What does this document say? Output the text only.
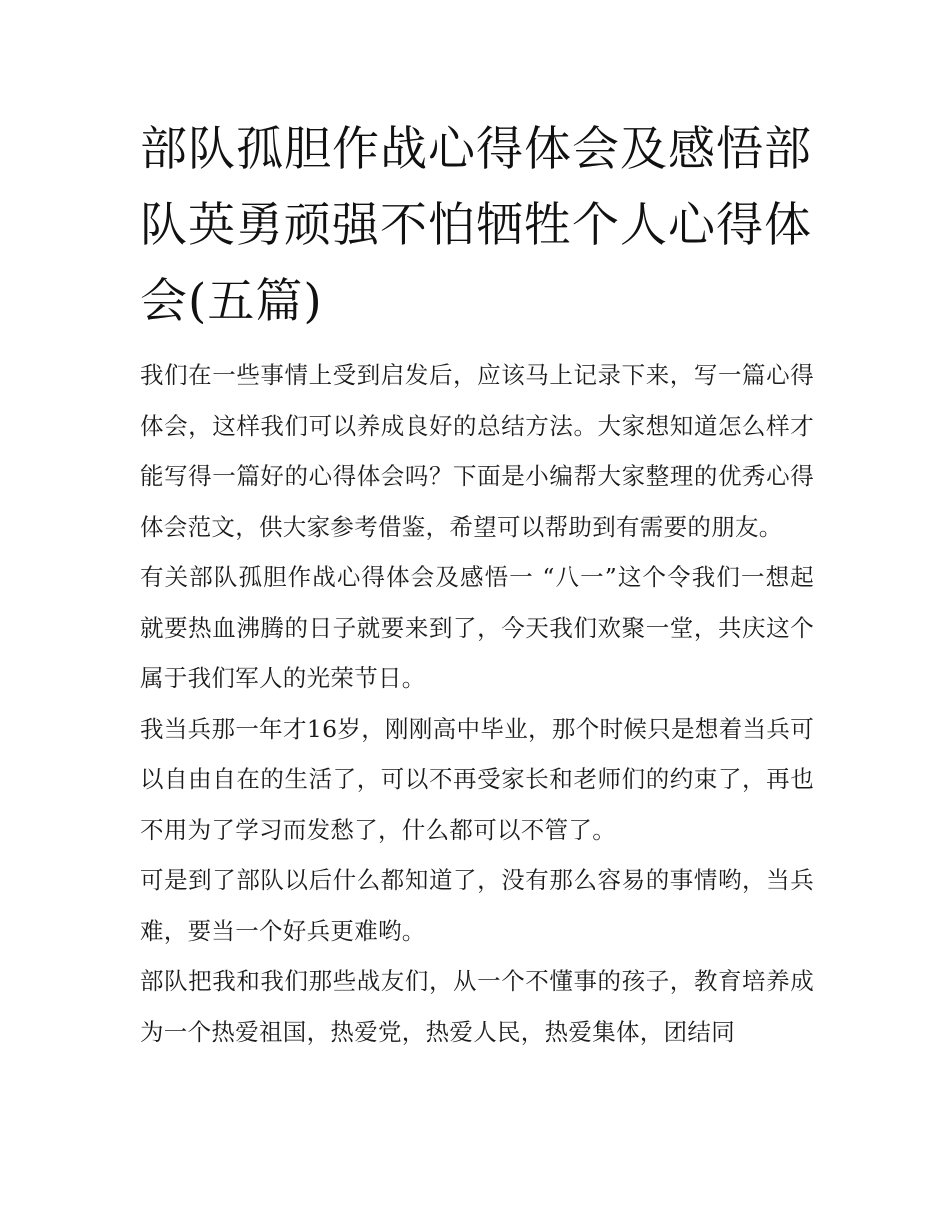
部队孤胆作战心得体会及感悟部队英勇顽强不怕牺牲个人心得体会(五篇)

我们在一些事情上受到启发后，应该马上记录下来，写一篇心得体会，这样我们可以养成良好的总结方法。大家想知道怎么样才能写得一篇好的心得体会吗？下面是小编帮大家整理的优秀心得体会范文，供大家参考借鉴，希望可以帮助到有需要的朋友。

有关部队孤胆作战心得体会及感悟一 “八一”这个令我们一想起就要热血沸腾的日子就要来到了，今天我们欢聚一堂，共庆这个属于我们军人的光荣节日。

我当兵那一年才16岁，刚刚高中毕业，那个时候只是想着当兵可以自由自在的生活了，可以不再受家长和老师们的约束了，再也不用为了学习而发愁了，什么都可以不管了。

可是到了部队以后什么都知道了，没有那么容易的事情哟，当兵难，要当一个好兵更难哟。

部队把我和我们那些战友们，从一个不懂事的孩子，教育培养成为一个热爱祖国，热爱党，热爱人民，热爱集体，团结同
